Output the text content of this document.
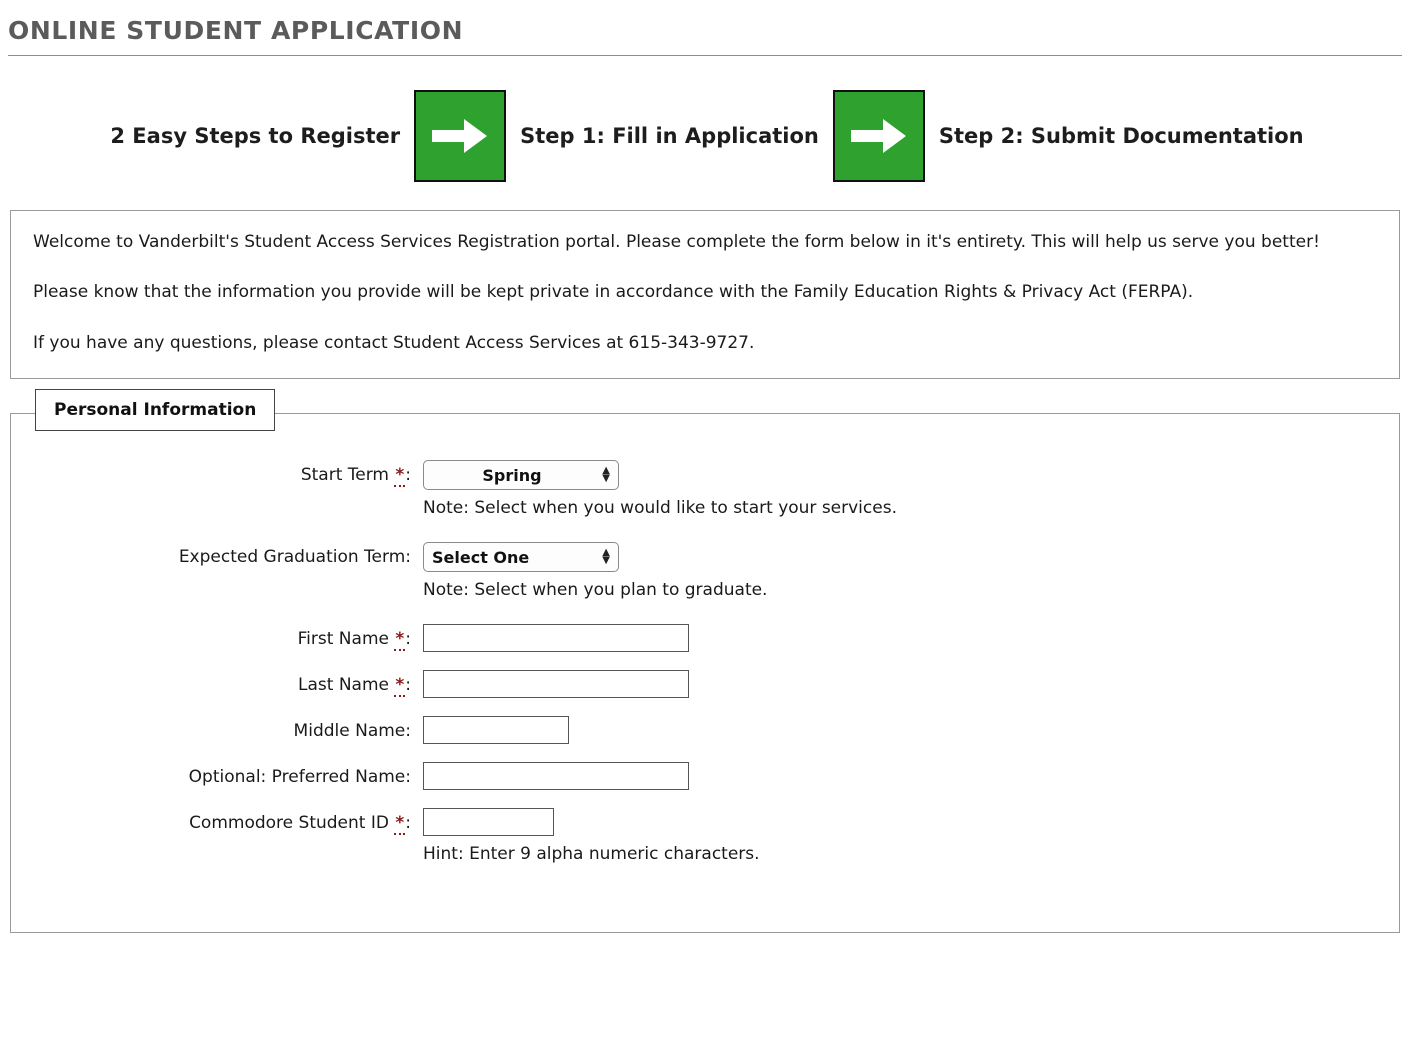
ONLINE STUDENT APPLICATION
2 Easy Steps to Register	Step 1: Fill in Application	Step 2: Submit Documentation

Welcome to Vanderbilt's Student Access Services Registration portal. Please complete the form below in it's entirety. This will help us serve you better!

Please know that the information you provide will be kept private in accordance with the Family Education Rights & Privacy Act (FERPA).

If you have any questions, please contact Student Access Services at 615-343-9727.

Personal Information
Start Term *:
Spring	▲
▼
Note: Select when you would like to start your services.
Expected Graduation Term:
Select One	▲
▼
Note: Select when you plan to graduate.
First Name *:
Last Name *:
Middle Name:
Optional: Preferred Name:
Commodore Student ID *:
Hint: Enter 9 alpha numeric characters.
